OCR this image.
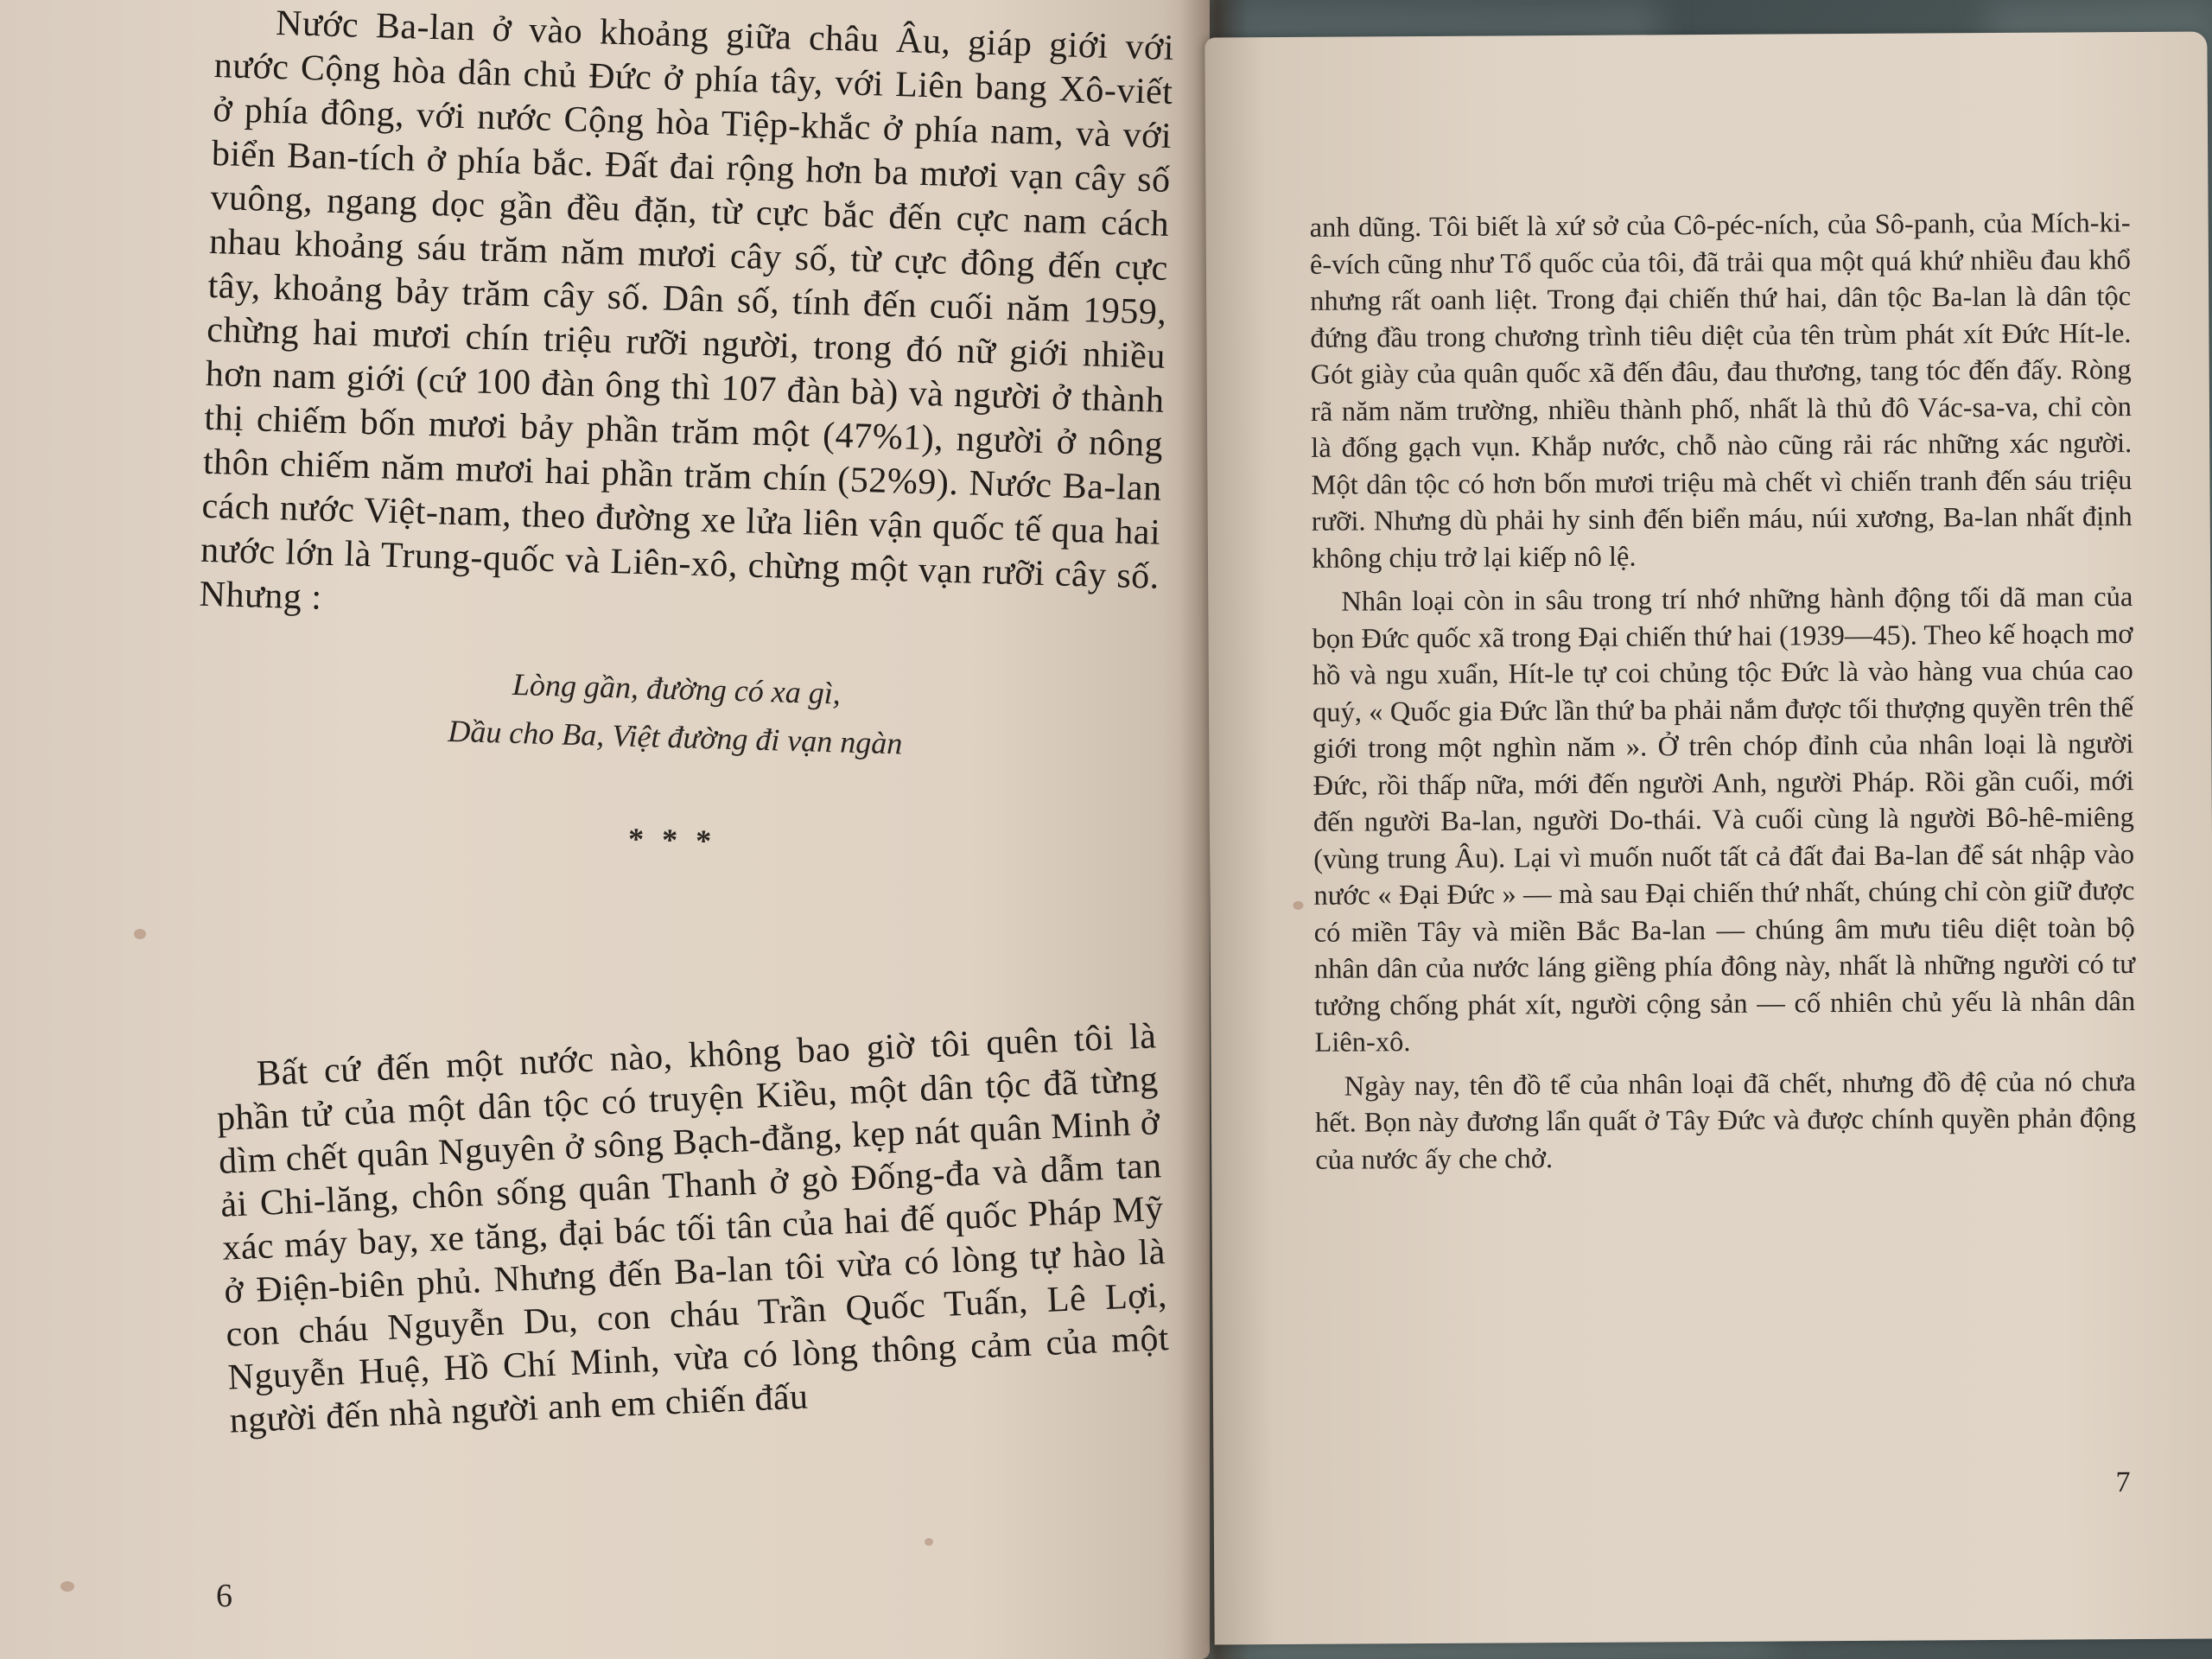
Nước Ba-lan ở vào khoảng giữa châu Âu, giáp giới với nước Cộng hòa dân chủ Đức ở phía tây, với Liên bang Xô-viết ở phía đông, với nước Cộng hòa Tiệp-khắc ở phía nam, và với biển Ban-tích ở phía bắc. Đất đai rộng hơn ba mươi vạn cây số vuông, ngang dọc gần đều đặn, từ cực bắc đến cực nam cách nhau khoảng sáu trăm năm mươi cây số, từ cực đông đến cực tây, khoảng bảy trăm cây số. Dân số, tính đến cuối năm 1959, chừng hai mươi chín triệu rưỡi người, trong đó nữ giới nhiều hơn nam giới (cứ 100 đàn ông thì 107 đàn bà) và người ở thành thị chiếm bốn mươi bảy phần trăm một (47%1), người ở nông thôn chiếm năm mươi hai phần trăm chín (52%9). Nước Ba-lan cách nước Việt-nam, theo đường xe lửa liên vận quốc tế qua hai nước lớn là Trung-quốc và Liên-xô, chừng một vạn rưỡi cây số. Nhưng :

Lòng gần, đường có xa gì,
Dầu cho Ba, Việt đường đi vạn ngàn
* * *

Bất cứ đến một nước nào, không bao giờ tôi quên tôi là phần tử của một dân tộc có truyện Kiều, một dân tộc đã từng dìm chết quân Nguyên ở sông Bạch-đằng, kẹp nát quân Minh ở ải Chi-lăng, chôn sống quân Thanh ở gò Đống-đa và dẫm tan xác máy bay, xe tăng, đại bác tối tân của hai đế quốc Pháp Mỹ ở Điện-biên phủ. Nhưng đến Ba-lan tôi vừa có lòng tự hào là con cháu Nguyễn Du, con cháu Trần Quốc Tuấn, Lê Lợi, Nguyễn Huệ, Hồ Chí Minh, vừa có lòng thông cảm của một người đến nhà người anh em chiến đấu

6

anh dũng. Tôi biết là xứ sở của Cô-péc-ních, của Sô-panh, của Mích-ki-ê-vích cũng như Tổ quốc của tôi, đã trải qua một quá khứ nhiều đau khổ nhưng rất oanh liệt. Trong đại chiến thứ hai, dân tộc Ba-lan là dân tộc đứng đầu trong chương trình tiêu diệt của tên trùm phát xít Đức Hít-le. Gót giày của quân quốc xã đến đâu, đau thương, tang tóc đến đấy. Ròng rã năm năm trường, nhiều thành phố, nhất là thủ đô Vác-sa-va, chỉ còn là đống gạch vụn. Khắp nước, chỗ nào cũng rải rác những xác người. Một dân tộc có hơn bốn mươi triệu mà chết vì chiến tranh đến sáu triệu rưỡi. Nhưng dù phải hy sinh đến biển máu, núi xương, Ba-lan nhất định không chịu trở lại kiếp nô lệ.

Nhân loại còn in sâu trong trí nhớ những hành động tối dã man của bọn Đức quốc xã trong Đại chiến thứ hai (1939—45). Theo kế hoạch mơ hồ và ngu xuẩn, Hít-le tự coi chủng tộc Đức là vào hàng vua chúa cao quý, « Quốc gia Đức lần thứ ba phải nắm được tối thượng quyền trên thế giới trong một nghìn năm ». Ở trên chóp đỉnh của nhân loại là người Đức, rồi thấp nữa, mới đến người Anh, người Pháp. Rồi gần cuối, mới đến người Ba-lan, người Do-thái. Và cuối cùng là người Bô-hê-miêng (vùng trung Âu). Lại vì muốn nuốt tất cả đất đai Ba-lan để sát nhập vào nước « Đại Đức » — mà sau Đại chiến thứ nhất, chúng chỉ còn giữ được có miền Tây và miền Bắc Ba-lan — chúng âm mưu tiêu diệt toàn bộ nhân dân của nước láng giềng phía đông này, nhất là những người có tư tưởng chống phát xít, người cộng sản — cố nhiên chủ yếu là nhân dân Liên-xô.

Ngày nay, tên đồ tể của nhân loại đã chết, nhưng đồ đệ của nó chưa hết. Bọn này đương lẩn quất ở Tây Đức và được chính quyền phản động của nước ấy che chở.

7
